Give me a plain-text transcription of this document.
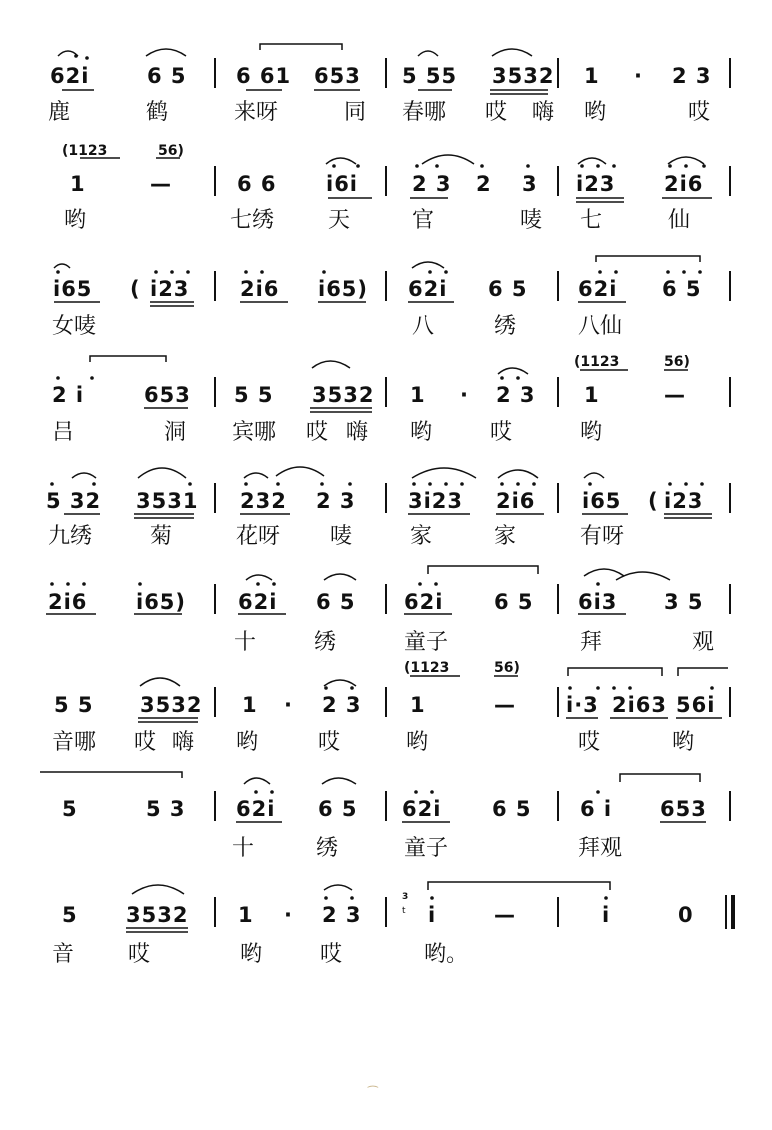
62i	6 5 6 61 653 5 55 3532 1 · 2 3
鹿	鹤	来呀	同 春哪 哎 嗨 哟	哎
(1123	56)
1	—	6 6 i6i	2 3 2 3 i23 2i6
哟	七绣 天	官	唛 七	仙
i65 ( i23 2i6 i65) 62i 6 5 62i 6 5
女唛	八	绣	八仙
(1123	56)
2 i	653 5 5 3532 1 · 2 3 1	—
吕	洞 宾哪 哎 嗨 哟	哎	哟
5 32 3531 232 2 3 3i23 2i6 i65 ( i23
九绣	菊	花呀 唛	家	家	有呀
2i6 i65) 62i 6 5 62i 6 5 6i3 3 5
十	绣	童子	拜	观
(1123	56)
5 5 3532 1 · 2 3 1	— i·3 2i63 56i
音哪 哎 嗨 哟	哎	哟	哎	哟
5	5 3 62i 6 5 62i 6 5 6 i 653
十	绣	童子	拜观
5 3532 1 · 2 3	i	—	i	0
3
t
音 哎	哟	哎	哟。
⁀
